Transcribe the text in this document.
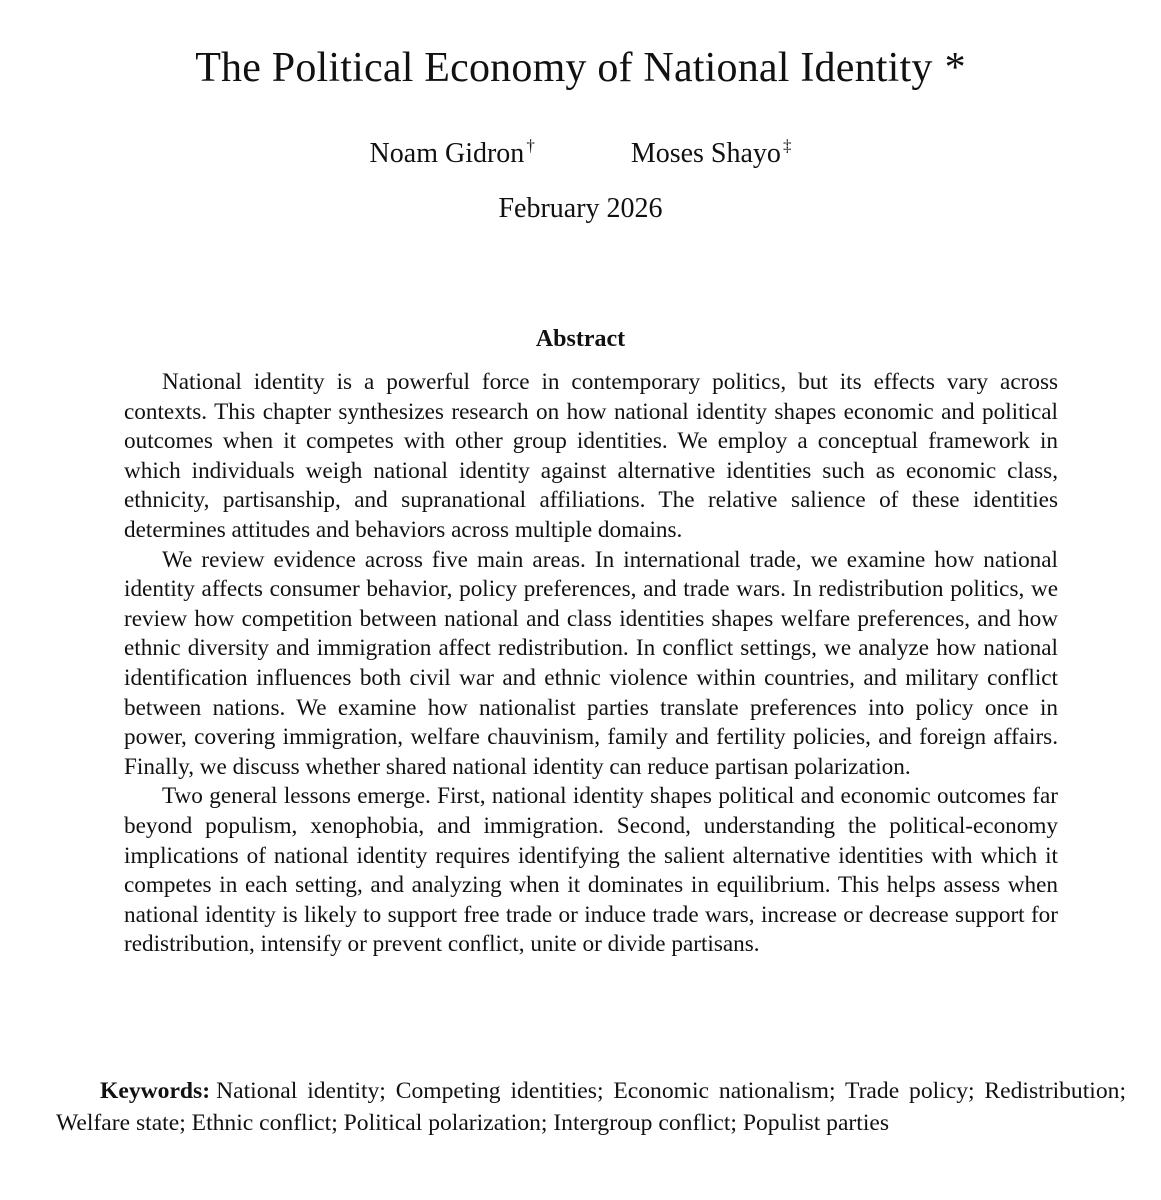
The Political Economy of National Identity *
Noam Gidron †	Moses Shayo ‡
February 2026
Abstract

National identity is a powerful force in contemporary politics, but its effects vary across contexts. This chapter synthesizes research on how national identity shapes economic and political outcomes when it competes with other group identities. We employ a conceptual framework in which individuals weigh national identity against alternative identities such as economic class, ethnicity, partisanship, and supranational affiliations. The relative salience of these identities determines attitudes and behaviors across multiple domains.

We review evidence across five main areas. In international trade, we examine how national identity affects consumer behavior, policy preferences, and trade wars. In redistribution politics, we review how competition between national and class identities shapes welfare preferences, and how ethnic diversity and immigration affect redistribution. In conflict settings, we analyze how national identification influences both civil war and ethnic violence within countries, and military conflict between nations. We examine how nationalist parties translate preferences into policy once in power, covering immigration, welfare chauvinism, family and fertility policies, and foreign affairs. Finally, we discuss whether shared national identity can reduce partisan polarization.

Two general lessons emerge. First, national identity shapes political and economic outcomes far beyond populism, xenophobia, and immigration. Second, understanding the political-economy implications of national identity requires identifying the salient alternative identities with which it competes in each setting, and analyzing when it dominates in equilibrium. This helps assess when national identity is likely to support free trade or induce trade wars, increase or decrease support for redistribution, intensify or prevent conflict, unite or divide partisans.

Keywords: National identity; Competing identities; Economic nationalism; Trade policy; Redistribution; Welfare state; Ethnic conflict; Political polarization; Intergroup conflict; Populist parties
